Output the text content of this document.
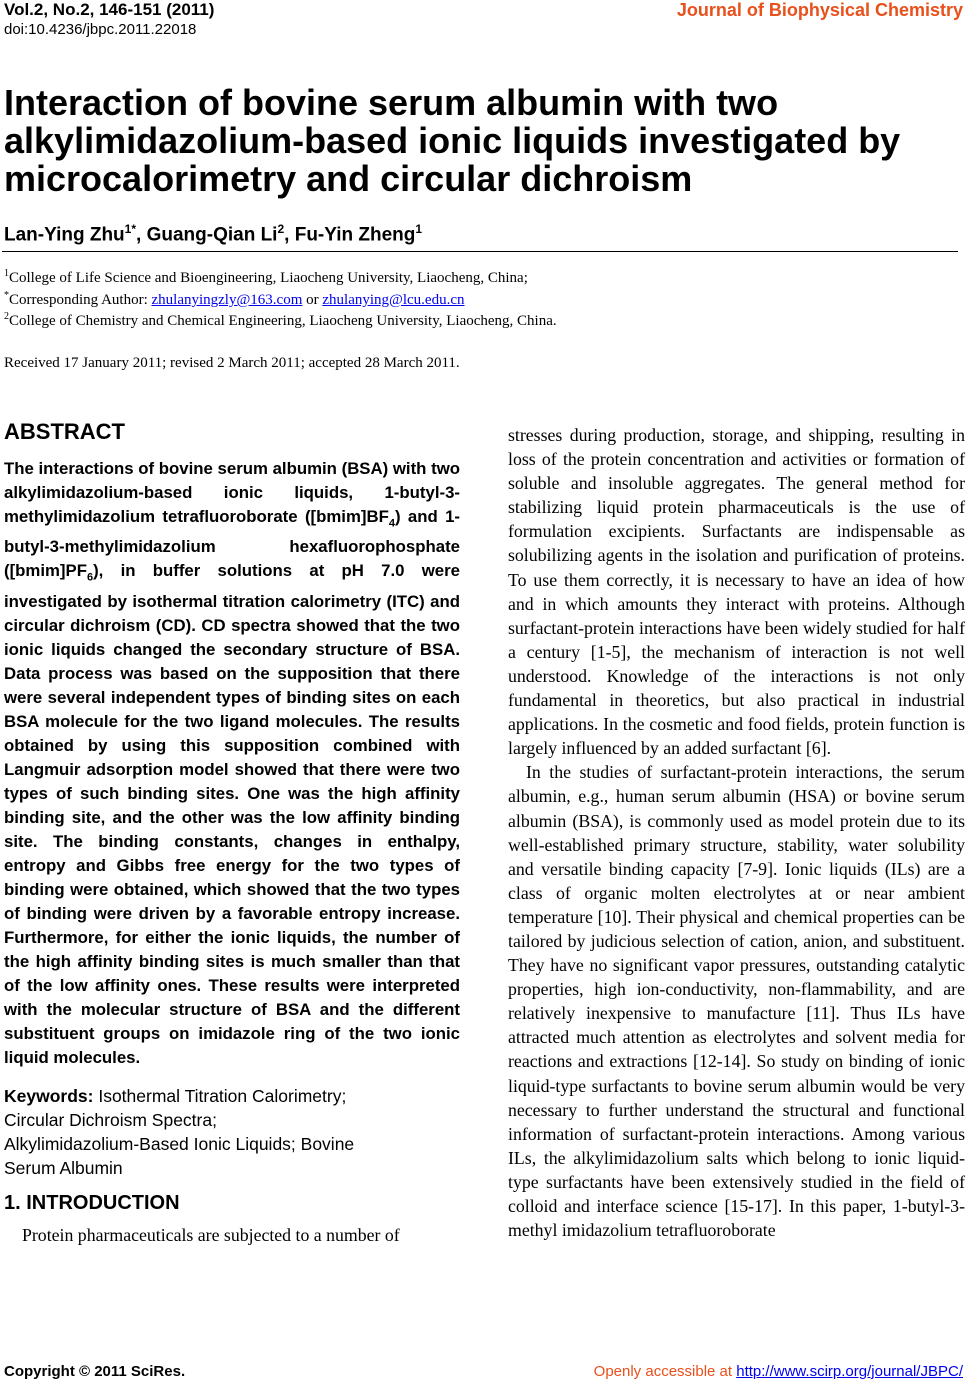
Vol.2, No.2, 146-151 (2011)
doi:10.4236/jbpc.2011.22018
Journal of Biophysical Chemistry
Interaction of bovine serum albumin with two alkylimidazolium-based ionic liquids investigated by microcalorimetry and circular dichroism
Lan-Ying Zhu$^{1*}$, Guang-Qian Li$^2$, Fu-Yin Zheng$^1$
$^1$College of Life Science and Bioengineering, Liaocheng University, Liaocheng, China;
*Corresponding Author: zhulanyingzly@163.com or zhulanying@lcu.edu.cn
$^2$College of Chemistry and Chemical Engineering, Liaocheng University, Liaocheng, China.
Received 17 January 2011; revised 2 March 2011; accepted 28 March 2011.
ABSTRACT
The interactions of bovine serum albumin (BSA) with two alkylimidazolium-based ionic liquids, 1-butyl-3-methylimidazolium tetrafluoroborate $([bmim]BF_4)$ and 1-butyl-3-methylimidazolium hexafluorophosphate $([bmim]PF_6)$, in buffer solutions at pH 7.0 were investigated by isothermal titration calorimetry (ITC) and circular dichroism (CD). CD spectra showed that the two ionic liquids changed the secondary structure of BSA. Data process was based on the supposition that there were several independent types of binding sites on each BSA molecule for the two ligand molecules. The results obtained by using this supposition combined with Langmuir adsorption model showed that there were two types of such binding sites. One was the high affinity binding site, and the other was the low affinity binding site. The binding constants, changes in enthalpy, entropy and Gibbs free energy for the two types of binding were obtained, which showed that the two types of binding were driven by a favorable entropy increase. Furthermore, for either the ionic liquids, the number of the high affinity binding sites is much smaller than that of the low affinity ones. These results were interpreted with the molecular structure of BSA and the different substituent groups on imidazole ring of the two ionic liquid molecules.
Keywords: Isothermal Titration Calorimetry;
Circular Dichroism Spectra;
Alkylimidazolium-Based Ionic Liquids; Bovine
Serum Albumin
1. INTRODUCTION
Protein pharmaceuticals are subjected to a number of

stresses during production, storage, and shipping, resulting in loss of the protein concentration and activities or formation of soluble and insoluble aggregates. The general method for stabilizing liquid protein pharmaceuticals is the use of formulation excipients. Surfactants are indispensable as solubilizing agents in the isolation and purification of proteins. To use them correctly, it is necessary to have an idea of how and in which amounts they interact with proteins. Although surfactant-protein interactions have been widely studied for half a century [1-5], the mechanism of interaction is not well understood. Knowledge of the interactions is not only fundamental in theoretics, but also practical in industrial applications. In the cosmetic and food fields, protein function is largely influenced by an added surfactant [6].

In the studies of surfactant-protein interactions, the serum albumin, e.g., human serum albumin (HSA) or bovine serum albumin (BSA), is commonly used as model protein due to its well-established primary structure, stability, water solubility and versatile binding capacity [7-9]. Ionic liquids (ILs) are a class of organic molten electrolytes at or near ambient temperature [10]. Their physical and chemical properties can be tailored by judicious selection of cation, anion, and substituent. They have no significant vapor pressures, outstanding catalytic properties, high ion-conductivity, non-flammability, and are relatively inexpensive to manufacture [11]. Thus ILs have attracted much attention as electrolytes and solvent media for reactions and extractions [12-14]. So study on binding of ionic liquid-type surfactants to bovine serum albumin would be very necessary to further understand the structural and functional information of surfactant-protein interactions. Among various ILs, the alkylimidazolium salts which belong to ionic liquid-type surfactants have been extensively studied in the field of colloid and interface science [15-17]. In this paper, 1-butyl-3-methyl imidazolium tetrafluoroborate

Copyright © 2011 SciRes.	Openly accessible at http://www.scirp.org/journal/JBPC/
